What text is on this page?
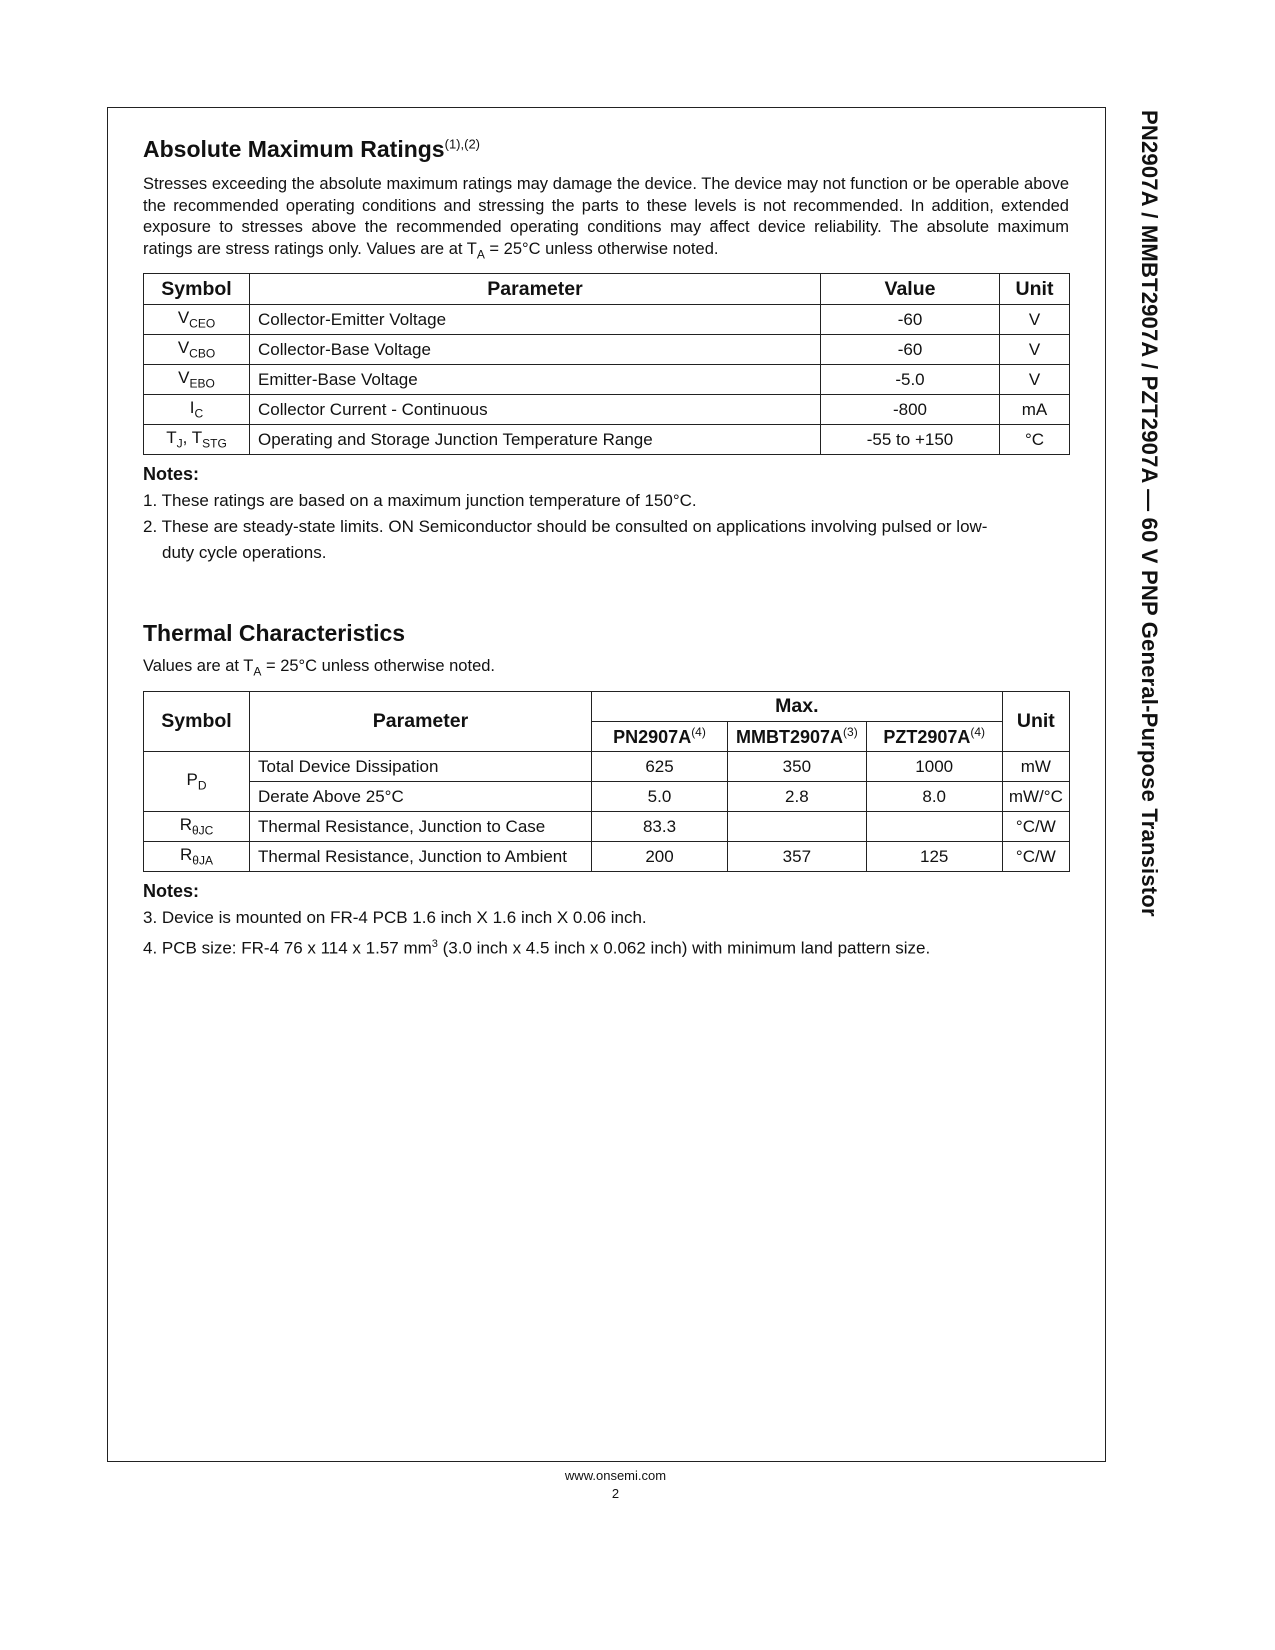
PN2907A / MMBT2907A / PZT2907A — 60 V PNP General-Purpose Transistor
Absolute Maximum Ratings$^{(1),(2)}$
Stresses exceeding the absolute maximum ratings may damage the device. The device may not function or be operable above the recommended operating conditions and stressing the parts to these levels is not recommended. In addition, extended exposure to stresses above the recommended operating conditions may affect device reliability. The absolute maximum ratings are stress ratings only. Values are at $T_A = 25^\circ C$ unless otherwise noted.
Symbol	Parameter	Value	Unit
$V_{CEO}$	Collector-Emitter Voltage	-60	V
$V_{CBO}$	Collector-Base Voltage	-60	V
$V_{EBO}$	Emitter-Base Voltage	-5.0	V
$I_C$	Collector Current - Continuous	-800	mA
$T_J$, $T_{STG}$	Operating and Storage Junction Temperature Range	-55 to +150	°C
Notes:
1. These ratings are based on a maximum junction temperature of 150°C.
2. These are steady-state limits. ON Semiconductor should be consulted on applications involving pulsed or low-
duty cycle operations.
Thermal Characteristics
Values are at $T_A = 25^\circ C$ unless otherwise noted.
Symbol	Parameter	Max.			Unit
		$PN2907A^{(4)}$	$MMBT2907A^{(3)}$	$PZT2907A^{(4)}$
$P_D$	Total Device Dissipation	625	350	1000	mW
	Derate Above 25°C	5.0	2.8	8.0	mW/°C
$R_{\theta JC}$	Thermal Resistance, Junction to Case	83.3			°C/W
$R_{\theta JA}$	Thermal Resistance, Junction to Ambient	200	357	125	°C/W
Notes:
3. Device is mounted on FR-4 PCB 1.6 inch X 1.6 inch X 0.06 inch.
4. PCB size: FR-4 76 x 114 x 1.57 $mm^3$ (3.0 inch x 4.5 inch x 0.062 inch) with minimum land pattern size.
www.onsemi.com
2
